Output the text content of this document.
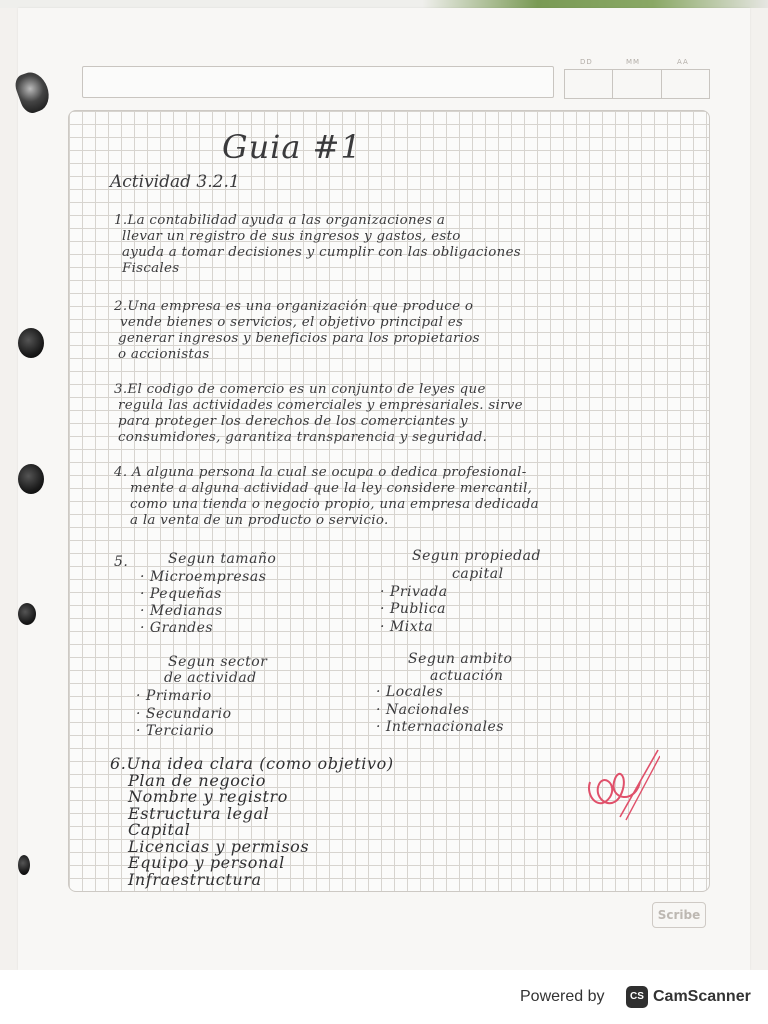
DD	MM	AA
Guia #1
Actividad 3.2.1
1.La contabilidad ayuda a las organizaciones a
llevar un registro de sus ingresos y gastos, esto
ayuda a tomar decisiones y cumplir con las obligaciones
Fiscales
2.Una empresa es una organización que produce o
vende bienes o servicios, el objetivo principal es
generar ingresos y beneficios para los propietarios
o accionistas
3.El codigo de comercio es un conjunto de leyes que
regula las actividades comerciales y empresariales. sirve
para proteger los derechos de los comerciantes y
consumidores, garantiza transparencia y seguridad.
4. A alguna persona la cual se ocupa o dedica profesional-
mente a alguna actividad que la ley considere mercantil,
como una tienda o negocio propio, una empresa dedicada
a la venta de un producto o servicio.
5.	Segun tamaño
· Microempresas
· Pequeñas
· Medianas
· Grandes
Segun propiedad
capital
· Privada
· Publica
· Mixta
Segun sector
de actividad
· Primario
· Secundario
· Terciario
Segun ambito
actuación
· Locales
· Nacionales
· Internacionales
6.Una idea clara (como objetivo)
Plan de negocio
Nombre y registro
Estructura legal
Capital
Licencias y permisos
Equipo y personal
Infraestructura
Scribe
Powered by	CS CamScanner
